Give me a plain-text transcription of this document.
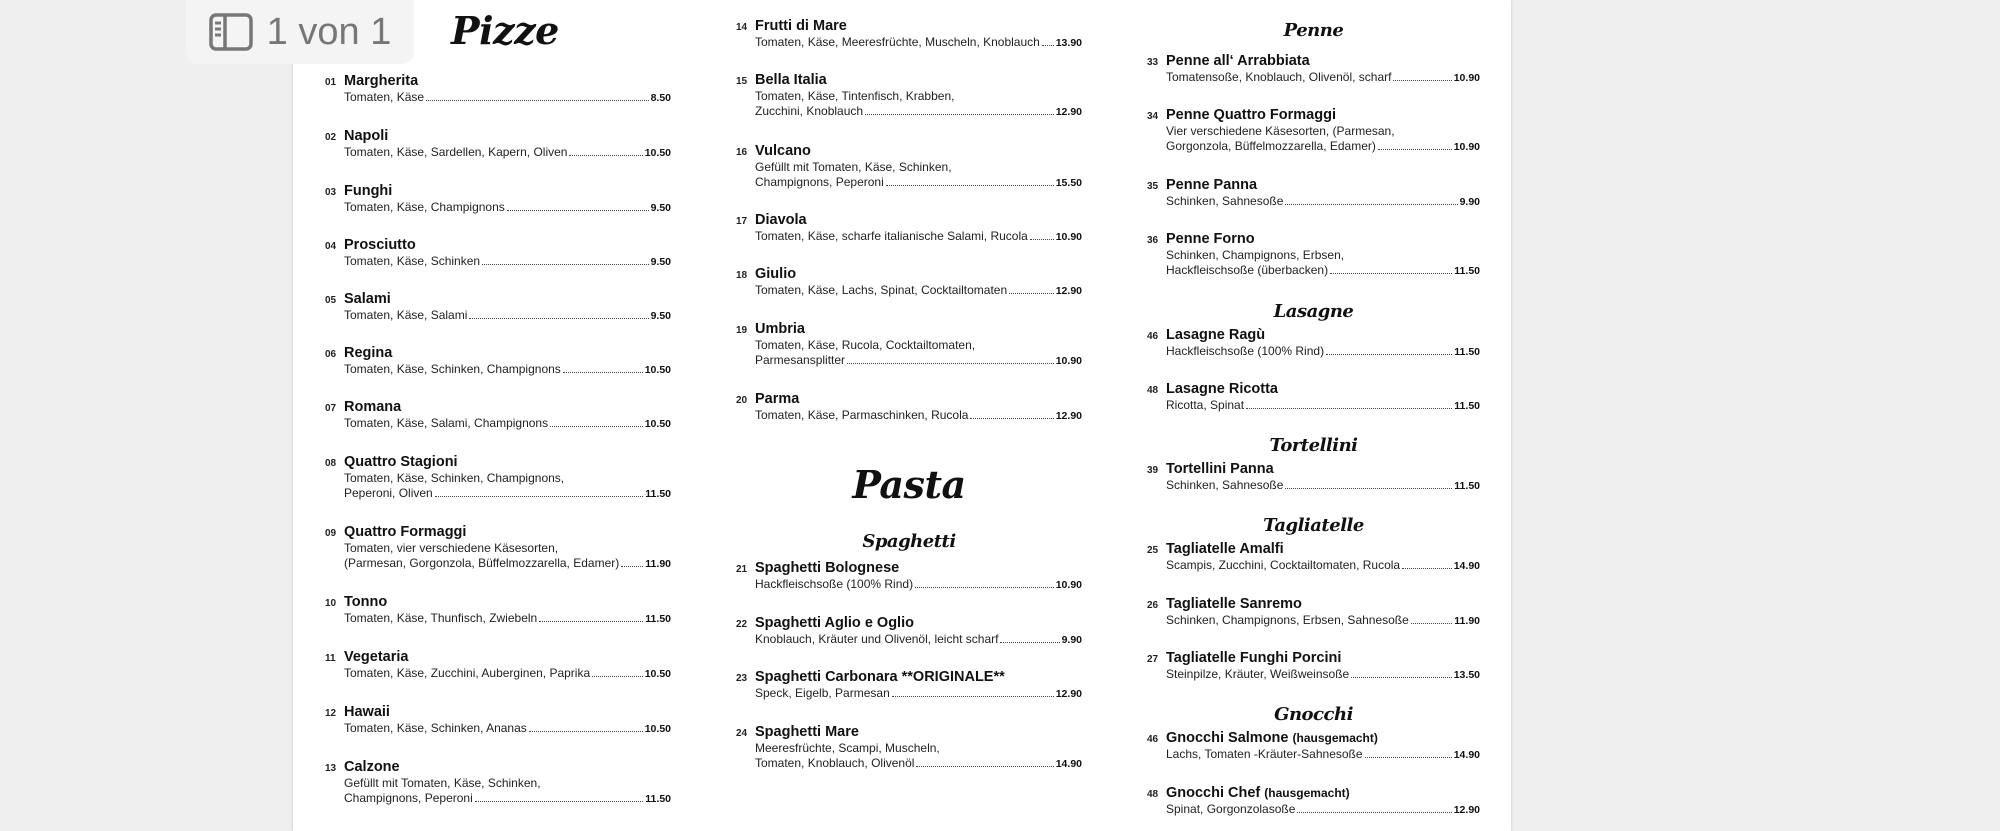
1 von 1 Pizze
01 Margherita
Tomaten, Käse	8.50
02 Napoli
Tomaten, Käse, Sardellen, Kapern, Oliven	10.50
03 Funghi
Tomaten, Käse, Champignons	9.50
04 Prosciutto
Tomaten, Käse, Schinken	9.50
05 Salami
Tomaten, Käse, Salami	9.50
06 Regina
Tomaten, Käse, Schinken, Champignons	10.50
07 Romana
Tomaten, Käse, Salami, Champignons	10.50
08 Quattro Stagioni
Tomaten, Käse, Schinken, Champignons,
Peperoni, Oliven	11.50
09 Quattro Formaggi
Tomaten, vier verschiedene Käsesorten,
(Parmesan, Gorgonzola, Büffelmozzarella, Edamer) 11.90
10 Tonno
Tomaten, Käse, Thunfisch, Zwiebeln	11.50
11 Vegetaria
Tomaten, Käse, Zucchini, Auberginen, Paprika	10.50
12 Hawaii
Tomaten, Käse, Schinken, Ananas	10.50
13 Calzone
Gefüllt mit Tomaten, Käse, Schinken,
Champignons, Peperoni	11.50
14 Frutti di Mare
Tomaten, Käse, Meeresfrüchte, Muscheln, Knoblauch 13.90
15 Bella Italia
Tomaten, Käse, Tintenfisch, Krabben,
Zucchini, Knoblauch	12.90
16 Vulcano
Gefüllt mit Tomaten, Käse, Schinken,
Champignons, Peperoni	15.50
17 Diavola
Tomaten, Käse, scharfe italianische Salami, Rucola	10.90
18 Giulio
Tomaten, Käse, Lachs, Spinat, Cocktailtomaten	12.90
19 Umbria
Tomaten, Käse, Rucola, Cocktailtomaten,
Parmesansplitter	10.90
20 Parma
Tomaten, Käse, Parmaschinken, Rucola	12.90
Pasta
Spaghetti
21 Spaghetti Bolognese
Hackfleischsoße (100% Rind)	10.90
22 Spaghetti Aglio e Oglio
Knoblauch, Kräuter und Olivenöl, leicht scharf	9.90
23 Spaghetti Carbonara **ORIGINALE**
Speck, Eigelb, Parmesan	12.90
24 Spaghetti Mare
Meeresfrüchte, Scampi, Muscheln,
Tomaten, Knoblauch, Olivenöl	14.90
Penne
33 Penne all‘ Arrabbiata
Tomatensoße, Knoblauch, Olivenöl, scharf	10.90
34 Penne Quattro Formaggi
Vier verschiedene Käsesorten, (Parmesan,
Gorgonzola, Büffelmozzarella, Edamer)	10.90
35 Penne Panna
Schinken, Sahnesoße	9.90
36 Penne Forno
Schinken, Champignons, Erbsen,
Hackfleischsoße (überbacken)	11.50
Lasagne
46 Lasagne Ragù
Hackfleischsoße (100% Rind)	11.50
48 Lasagne Ricotta
Ricotta, Spinat	11.50
Tortellini
39 Tortellini Panna
Schinken, Sahnesoße	11.50
Tagliatelle
25 Tagliatelle Amalfi
Scampis, Zucchini, Cocktailtomaten, Rucola	14.90
26 Tagliatelle Sanremo
Schinken, Champignons, Erbsen, Sahnesoße	11.90
27 Tagliatelle Funghi Porcini
Steinpilze, Kräuter, Weißweinsoße	13.50
Gnocchi
46 Gnocchi Salmone (hausgemacht)
Lachs, Tomaten -Kräuter-Sahnesoße	14.90
48 Gnocchi Chef (hausgemacht)
Spinat, Gorgonzolasoße	12.90
